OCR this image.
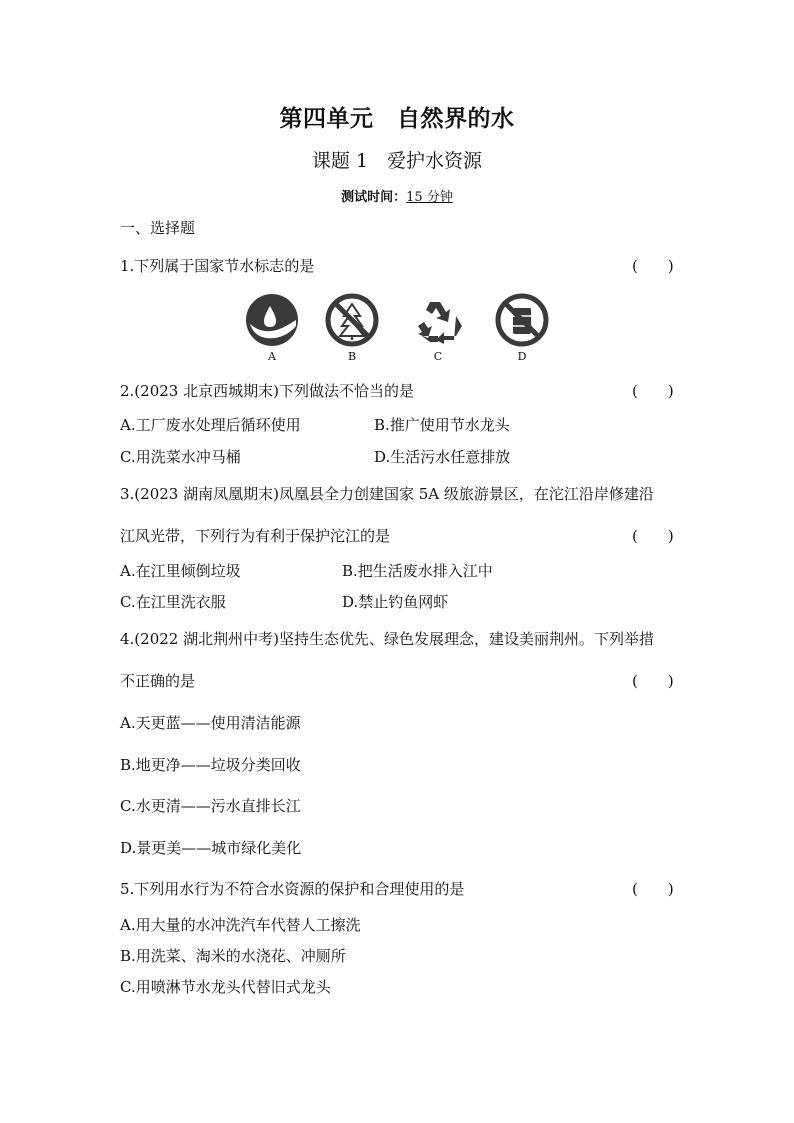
第四单元　自然界的水
课题 1　爱护水资源
测试时间：15 分钟
一、选择题
1.下列属于国家节水标志的是	(　　)
A	B	C	D
2.(2023 北京西城期末)下列做法不恰当的是	(　　)
A.工厂废水处理后循环使用	B.推广使用节水龙头
C.用洗菜水冲马桶	D.生活污水任意排放
3.(2023 湖南凤凰期末)凤凰县全力创建国家 5A 级旅游景区，在沱江沿岸修建沿
江风光带，下列行为有利于保护沱江的是	(　　)
A.在江里倾倒垃圾	B.把生活废水排入江中
C.在江里洗衣服	D.禁止钓鱼网虾
4.(2022 湖北荆州中考)坚持生态优先、绿色发展理念，建设美丽荆州。下列举措
不正确的是	(　　)
A.天更蓝——使用清洁能源
B.地更净——垃圾分类回收
C.水更清——污水直排长江
D.景更美——城市绿化美化
5.下列用水行为不符合水资源的保护和合理使用的是	(　　)
A.用大量的水冲洗汽车代替人工擦洗
B.用洗菜、淘米的水浇花、冲厕所
C.用喷淋节水龙头代替旧式龙头
